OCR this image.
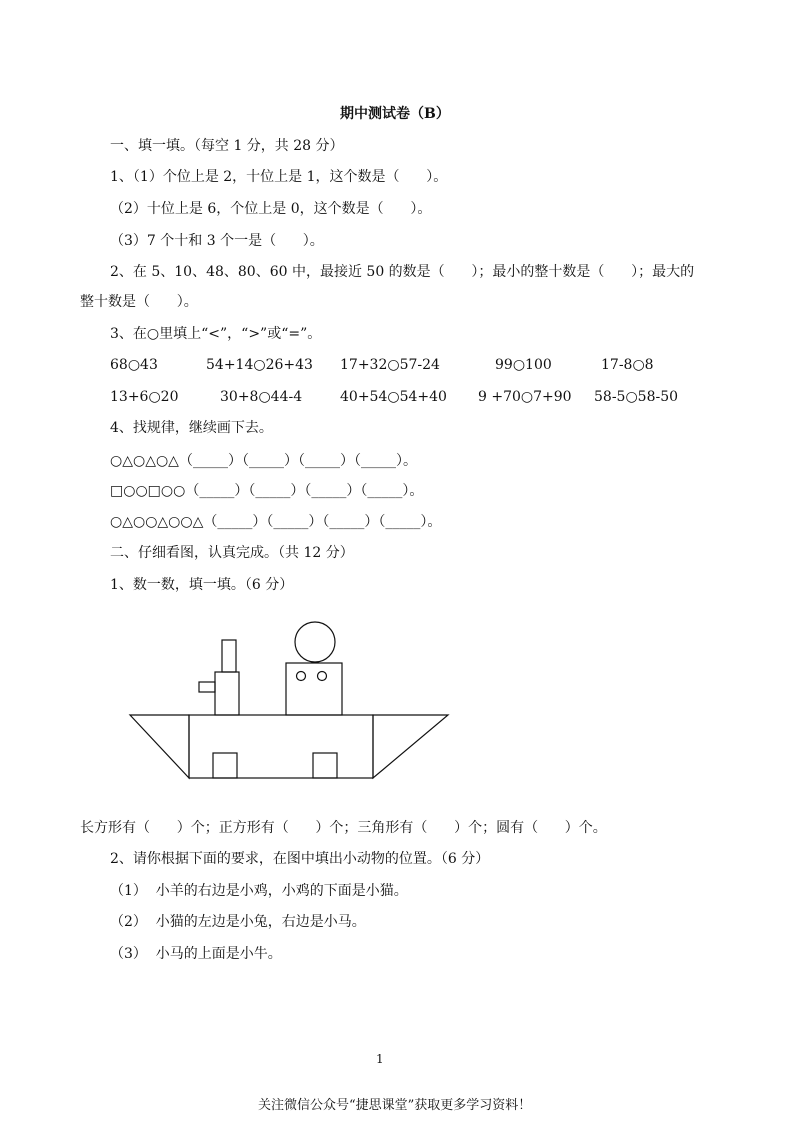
期中测试卷（B）
一、填一填。（每空 1 分，共 28 分）
1、（1）个位上是 2，十位上是 1，这个数是（      ）。
（2）十位上是 6，个位上是 0，这个数是（      ）。
（3）7 个十和 3 个一是（      ）。
2、在 5、10、48、80、60 中，最接近 50 的数是（      ）；最小的整十数是（      ）；最大的
整十数是（      ）。
3、在○里填上“<”，“>”或“=”。
68○43	54+14○26+43 17+32○57-24	99○100	17-8○8
13+6○20	30+8○44-4	40+54○54+40 9 +70○7+90 58-5○58-50
4、找规律，继续画下去。
○△○△○△（_____）（_____）（_____）（_____）。
□○○□○○（_____）（_____）（_____）（_____）。
○△○○△○○△（_____）（_____）（_____）（_____）。
二、仔细看图，认真完成。（共 12 分）
1、数一数，填一填。（6 分）
长方形有（      ）个；正方形有（      ）个；三角形有（      ）个；圆有（      ）个。
2、请你根据下面的要求，在图中填出小动物的位置。（6 分）
（1）  小羊的右边是小鸡，小鸡的下面是小猫。
（2）  小猫的左边是小兔，右边是小马。
（3）  小马的上面是小牛。
1
关注微信公众号“捷思课堂”获取更多学习资料！
